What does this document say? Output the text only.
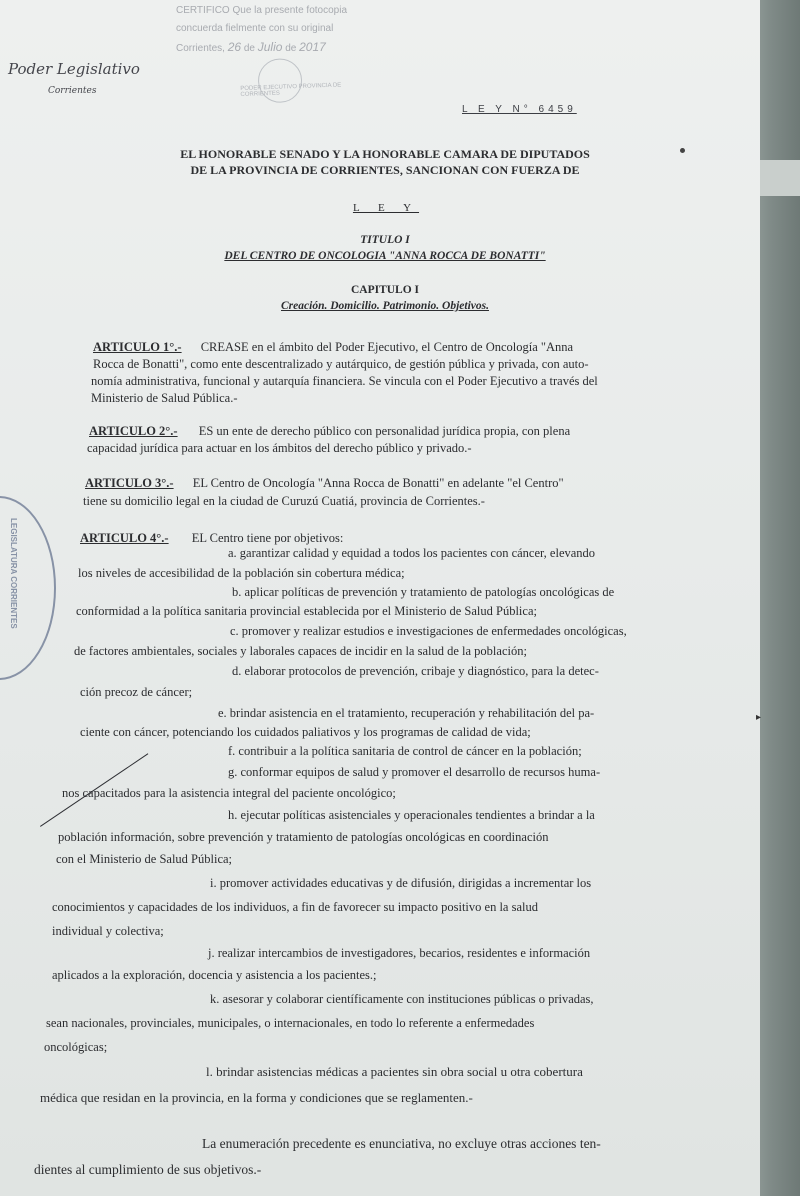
CERTIFICO Que la presente fotocopia
concuerda fielmente con su original
Corrientes, 26 de Julio de 2017
PODER EJECUTIVO PROVINCIA DE CORRIENTES
Poder Legislativo
Corrientes
L E Y N° 6459
EL HONORABLE SENADO Y LA HONORABLE CAMARA DE DIPUTADOS
DE LA PROVINCIA DE CORRIENTES, SANCIONAN CON FUERZA DE
L E Y
TITULO I
DEL CENTRO DE ONCOLOGIA "ANNA ROCCA DE BONATTI"
CAPITULO I
Creación. Domicilio. Patrimonio. Objetivos.
ARTICULO 1°.- CREASE en el ámbito del Poder Ejecutivo, el Centro de Oncología "Anna
Rocca de Bonatti", como ente descentralizado y autárquico, de gestión pública y privada, con auto-
nomía administrativa, funcional y autarquía financiera. Se vincula con el Poder Ejecutivo a través del
Ministerio de Salud Pública.-
ARTICULO 2°.- ES un ente de derecho público con personalidad jurídica propia, con plena
capacidad jurídica para actuar en los ámbitos del derecho público y privado.-
ARTICULO 3°.- EL Centro de Oncología "Anna Rocca de Bonatti" en adelante "el Centro"
tiene su domicilio legal en la ciudad de Curuzú Cuatiá, provincia de Corrientes.-
ARTICULO 4°.- EL Centro tiene por objetivos:
a. garantizar calidad y equidad a todos los pacientes con cáncer, elevando
los niveles de accesibilidad de la población sin cobertura médica;
b. aplicar políticas de prevención y tratamiento de patologías oncológicas de
conformidad a la política sanitaria provincial establecida por el Ministerio de Salud Pública;
c. promover y realizar estudios e investigaciones de enfermedades oncológicas,
de factores ambientales, sociales y laborales capaces de incidir en la salud de la población;
d. elaborar protocolos de prevención, cribaje y diagnóstico, para la detec-
ción precoz de cáncer;
e. brindar asistencia en el tratamiento, recuperación y rehabilitación del pa-
ciente con cáncer, potenciando los cuidados paliativos y los programas de calidad de vida;
▸
f. contribuir a la política sanitaria de control de cáncer en la población;
g. conformar equipos de salud y promover el desarrollo de recursos huma-
nos capacitados para la asistencia integral del paciente oncológico;
h. ejecutar políticas asistenciales y operacionales tendientes a brindar a la
población información, sobre prevención y tratamiento de patologías oncológicas en coordinación
con el Ministerio de Salud Pública;
i. promover actividades educativas y de difusión, dirigidas a incrementar los
conocimientos y capacidades de los individuos, a fin de favorecer su impacto positivo en la salud
individual y colectiva;
j. realizar intercambios de investigadores, becarios, residentes e información
aplicados a la exploración, docencia y asistencia a los pacientes.;
k. asesorar y colaborar científicamente con instituciones públicas o privadas,
sean nacionales, provinciales, municipales, o internacionales, en todo lo referente a enfermedades
oncológicas;
l. brindar asistencias médicas a pacientes sin obra social u otra cobertura
médica que residan en la provincia, en la forma y condiciones que se reglamenten.-
La enumeración precedente es enunciativa, no excluye otras acciones ten-
dientes al cumplimiento de sus objetivos.-
LEGISLATURA CORRIENTES
